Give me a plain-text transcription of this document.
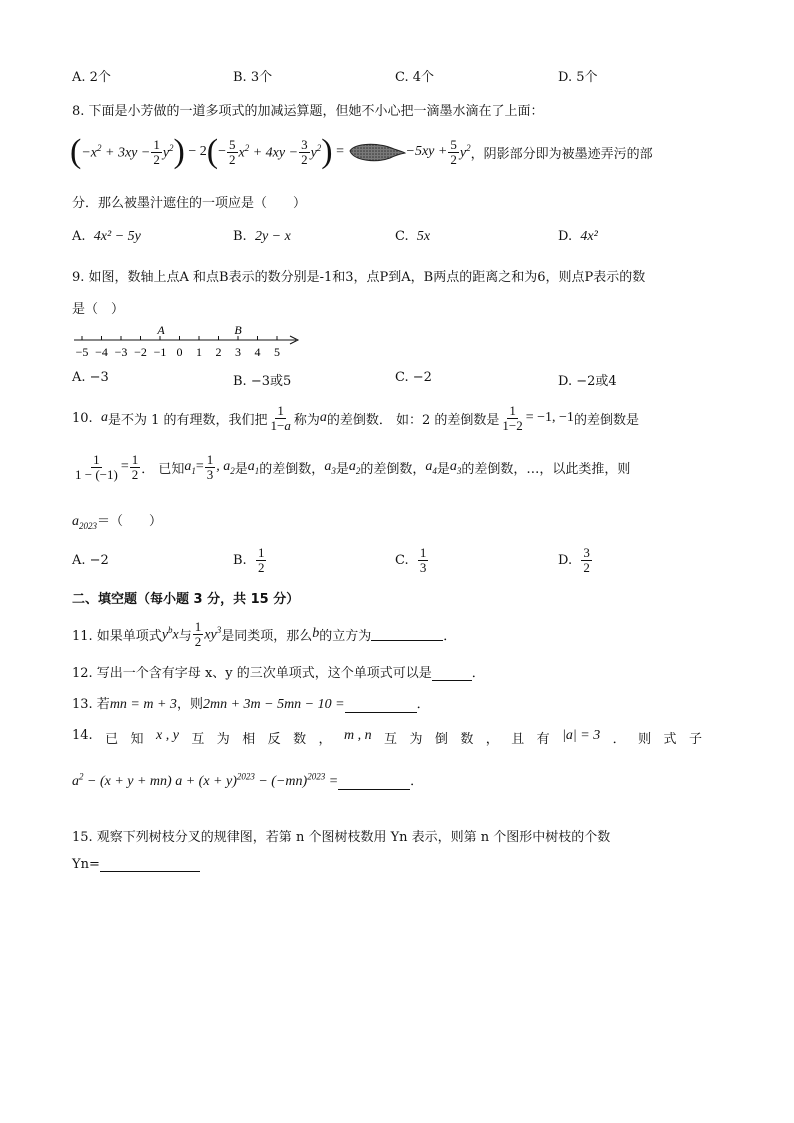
A. 2个	B. 3个	C. 4个	D. 5个
8. 下面是小芳做的一道多项式的加减运算题，但她不小心把一滴墨水滴在了上面：
( $-x^2 + 3xy - \frac{1}{2} y^2$ ) − 2 ( − $\frac{5}{2} x^2 + 4xy - \frac{3}{2} y^2$ ) =	$-5xy + \frac{5}{2} y^2$ ，阴影部分即为被墨迹弄污的部
分．那么被墨汁遮住的一项应是（　　）
A. 4x² − 5y	B. 2y − x	C. 5x	D. 4x²
9. 如图，数轴上点A 和点B表示的数分别是-1和3，点P到A，B两点的距离之和为6，则点P表示的数
是（　）
−5 −4 −3 −2 −1 0 1 2 3 4 5
A	B
A. −3	B. −3或5	C. −2	D. −2或4
10.
a 是不为 1 的有理数，我们把 $\frac{1}{1-a}$ 称为 a 的差倒数． 如：2 的差倒数是 $\frac{1}{1-2} = -1$, −1 的差倒数是
$\frac{1}{1 - (-1)} = \frac{1}{2}$ ． 已知 $a_1 = \frac{1}{3}$ , $a_2$ 是 $a_1$ 的差倒数， $a_3$ 是 $a_2$ 的差倒数， $a_4$ 是 $a_3$ 的差倒数，…，以此类推，则
$a_{2023}=$（　　）
A. −2	B.
$\frac{1}{2}$	C.
$\frac{1}{3}$	D.
$\frac{3}{2}$
二、填空题（每小题 3 分，共 15 分）
11. 如果单项式 $y^bx$ 与 $\frac{1}{2} xy^3$ 是同类项，那么 b 的立方为	．
12. 写出一个含有字母 x、y 的三次单项式，这个单项式可以是	．
13. 若mn = m + 3，则2mn + 3m − 5mn − 10 =	．
14. 已 知 x , y 互 为 相 反 数 ， m , n 互 为 倒 数 ， 且 有 |a| = 3 ． 则 式 子
$a^2 - (x + y + mn) a + (x + y)^{2023} - (-mn)^{2023}$ =	．
15. 观察下列树枝分叉的规律图，若第 n 个图树枝数用 Yn 表示，则第 n 个图形中树枝的个数
Yn=
